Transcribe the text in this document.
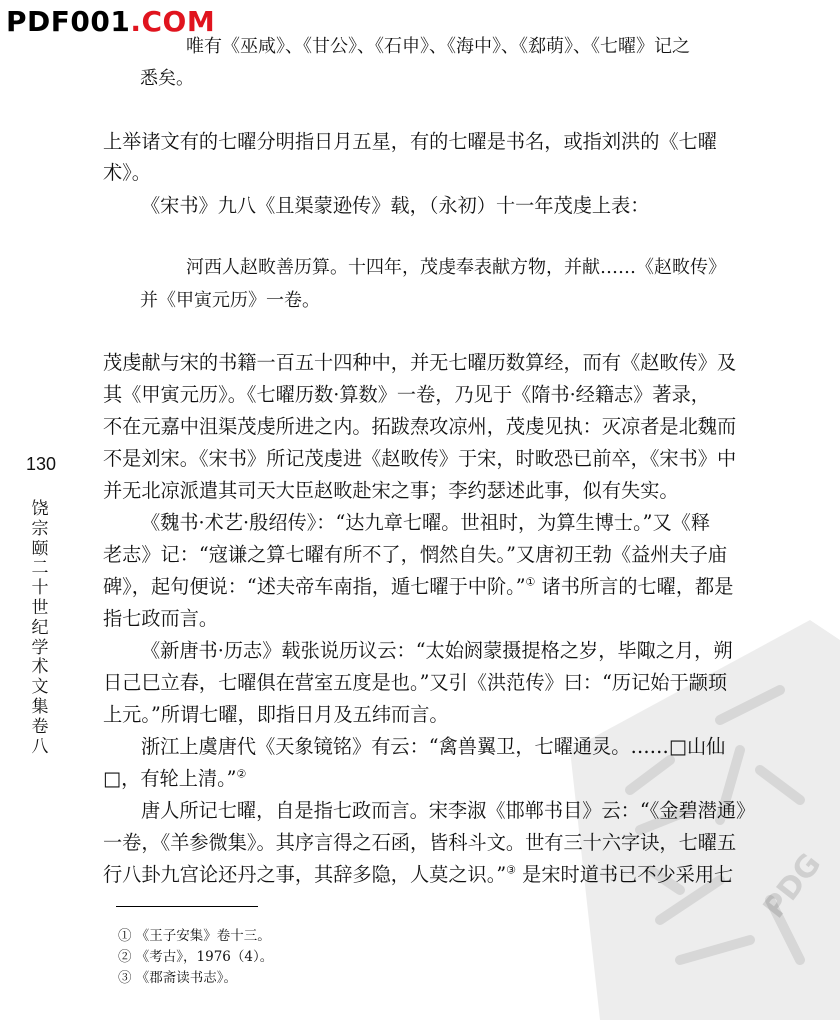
PDF001.COM
130
饶宗颐二十世纪学术文集　卷八
唯有《巫咸》、《甘公》、《石申》、《海中》、《郄萌》、《七曜》记之
悉矣。
上举诸文有的七曜分明指日月五星，有的七曜是书名，或指刘洪的《七曜
术》。
《宋书》九八《且渠蒙逊传》载，（永初）十一年茂虔上表：
河西人赵畋善历算。十四年，茂虔奉表献方物，并献……《赵畋传》
并《甲寅元历》一卷。
茂虔献与宋的书籍一百五十四种中，并无七曜历数算经，而有《赵畋传》及
其《甲寅元历》。《七曜历数·算数》一卷，乃见于《隋书·经籍志》著录，
不在元嘉中沮渠茂虔所进之内。拓跋焘攻凉州，茂虔见执：灭凉者是北魏而
不是刘宋。《宋书》所记茂虔进《赵畋传》于宋，时畋恐已前卒，《宋书》中
并无北凉派遣其司天大臣赵畋赴宋之事；李约瑟述此事，似有失实。
《魏书·术艺·殷绍传》：“达九章七曜。世祖时，为算生博士。”又《释
老志》记：“寇谦之算七曜有所不了，惘然自失。”又唐初王勃《益州夫子庙
碑》，起句便说：“述夫帝车南指，遁七曜于中阶。”① 诸书所言的七曜，都是
指七政而言。
《新唐书·历志》载张说历议云：“太始阏蒙摄提格之岁，毕陬之月，朔
日己巳立春，七曜俱在营室五度是也。”又引《洪范传》曰：“历记始于颛顼
上元。”所谓七曜，即指日月及五纬而言。
浙江上虞唐代《天象镜铭》有云：“禽兽翼卫，七曜通灵。……□山仙
□，有轮上清。”②
唐人所记七曜，自是指七政而言。宋李淑《邯郸书目》云：“《金碧潜通》
一卷，《羊参微集》。其序言得之石函，皆科斗文。世有三十六字诀，七曜五
行八卦九宫论还丹之事，其辞多隐，人莫之识。”③ 是宋时道书已不少采用七
① 《王子安集》卷十三。
② 《考古》，1976（4）。
③ 《郡斋读书志》。
PDG
